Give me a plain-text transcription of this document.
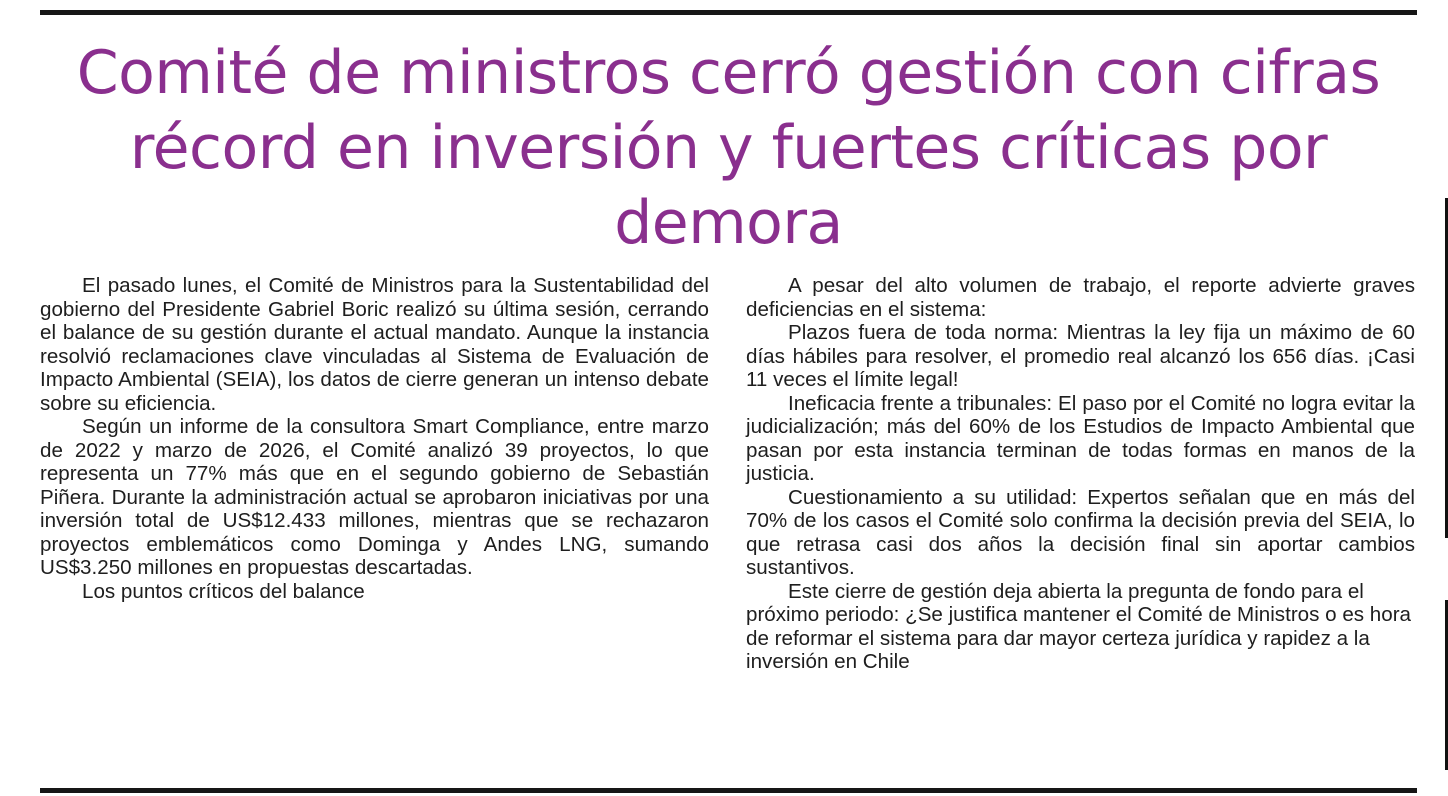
Comité de ministros cerró gestión con cifras récord en inversión y fuertes críticas por demora

El pasado lunes, el Comité de Ministros para la Sustentabilidad del gobierno del Presidente Gabriel Boric realizó su última sesión, cerrando el balance de su gestión durante el actual mandato. Aunque la instancia resolvió reclamaciones clave vinculadas al Sistema de Evaluación de Impacto Ambiental (SEIA), los datos de cierre generan un intenso debate sobre su eficiencia.

Según un informe de la consultora Smart Compliance, entre marzo de 2022 y marzo de 2026, el Comité analizó 39 proyectos, lo que representa un 77% más que en el segundo gobierno de Sebastián Piñera. Durante la administración actual se aprobaron iniciativas por una inversión total de US$12.433 millones, mientras que se rechazaron proyectos emblemáticos como Dominga y Andes LNG, sumando US$3.250 millones en propuestas descartadas.

Los puntos críticos del balance

A pesar del alto volumen de trabajo, el reporte advierte graves deficiencias en el sistema:

Plazos fuera de toda norma: Mientras la ley fija un máximo de 60 días hábiles para resolver, el promedio real alcanzó los 656 días. ¡Casi 11 veces el límite legal!

Ineficacia frente a tribunales: El paso por el Comité no logra evitar la judicialización; más del 60% de los Estudios de Impacto Ambiental que pasan por esta instancia terminan de todas formas en manos de la justicia.

Cuestionamiento a su utilidad: Expertos señalan que en más del 70% de los casos el Comité solo confirma la decisión previa del SEIA, lo que retrasa casi dos años la decisión final sin aportar cambios sustantivos.

Este cierre de gestión deja abierta la pregunta de fondo para el próximo periodo: ¿Se justifica mantener el Comité de Ministros o es hora de reformar el sistema para dar mayor certeza jurídica y rapidez a la inversión en Chile
